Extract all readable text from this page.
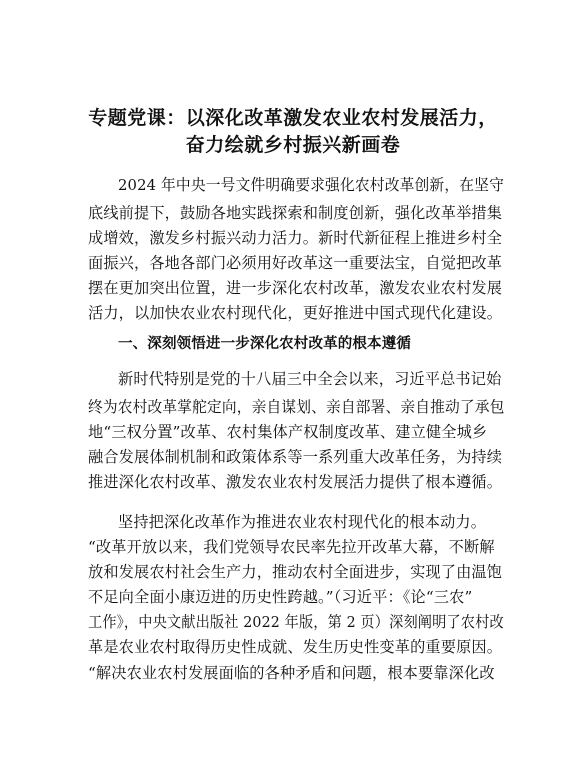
专题党课：以深化改革激发农业农村发展活力，
奋力绘就乡村振兴新画卷
2024 年中央一号文件明确要求强化农村改革创新，在坚守
底线前提下，鼓励各地实践探索和制度创新，强化改革举措集
成增效，激发乡村振兴动力活力。新时代新征程上推进乡村全
面振兴，各地各部门必须用好改革这一重要法宝，自觉把改革
摆在更加突出位置，进一步深化农村改革，激发农业农村发展
活力，以加快农业农村现代化，更好推进中国式现代化建设。
一、深刻领悟进一步深化农村改革的根本遵循
新时代特别是党的十八届三中全会以来，习近平总书记始
终为农村改革掌舵定向，亲自谋划、亲自部署、亲自推动了承包
地“三权分置”改革、农村集体产权制度改革、建立健全城乡
融合发展体制机制和政策体系等一系列重大改革任务，为持续
推进深化农村改革、激发农业农村发展活力提供了根本遵循。
坚持把深化改革作为推进农业农村现代化的根本动力。
“改革开放以来，我们党领导农民率先拉开改革大幕，不断解
放和发展农村社会生产力，推动农村全面进步，实现了由温饱
不足向全面小康迈进的历史性跨越。”（习近平：《论“三农”
工作》，中央文献出版社 2022 年版，第 2 页）深刻阐明了农村改
革是农业农村取得历史性成就、发生历史性变革的重要原因。
“解决农业农村发展面临的各种矛盾和问题，根本要靠深化改
